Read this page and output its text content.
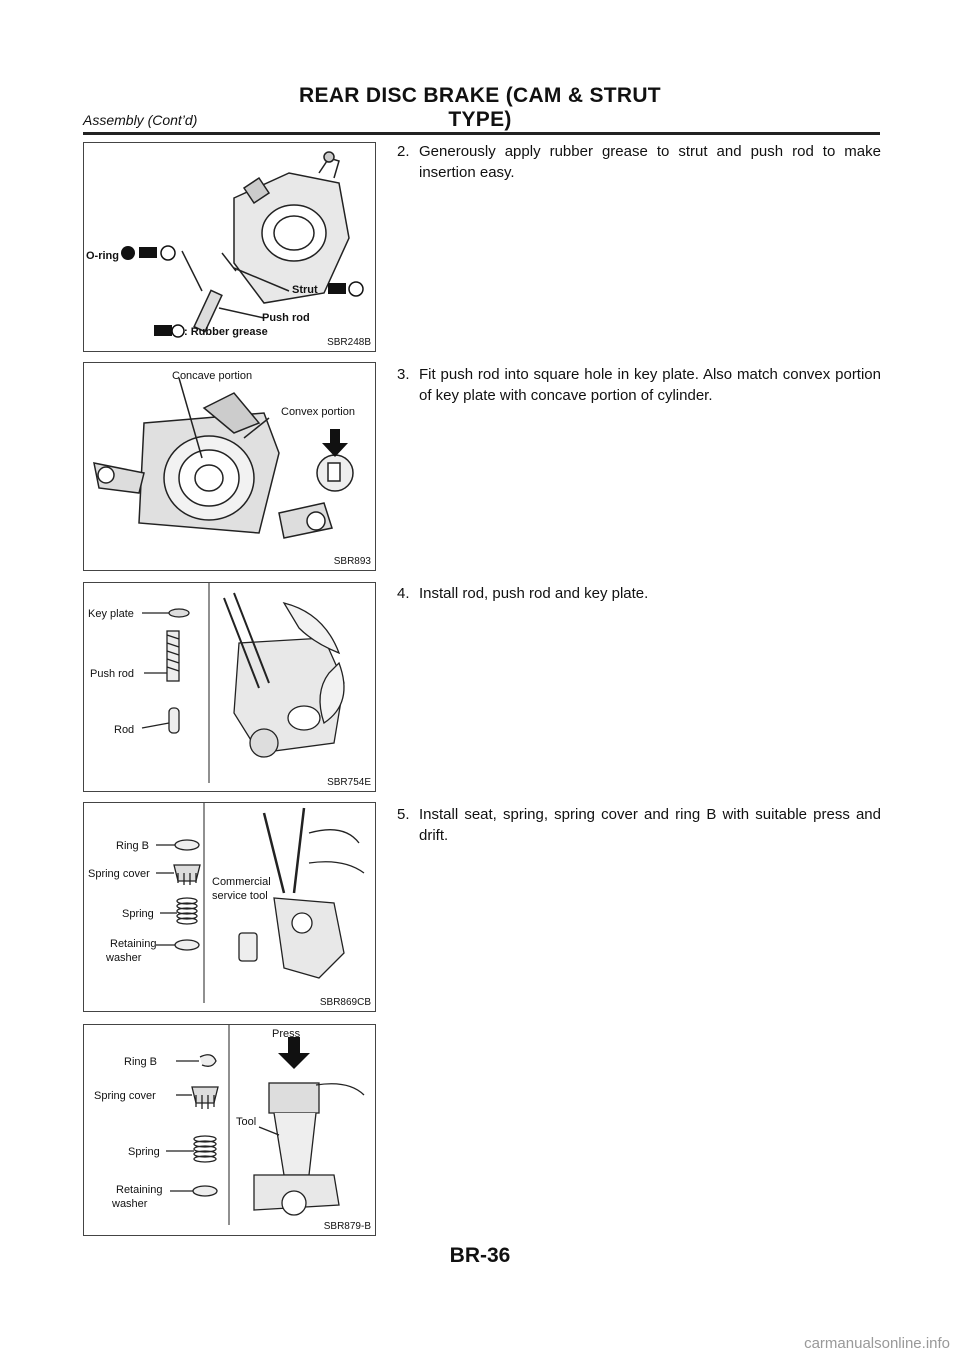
REAR DISC BRAKE (CAM & STRUT TYPE)
Assembly (Cont’d)
O-ring
Strut
Push rod
: Rubber grease
SBR248B
Concave portion
Convex portion
SBR893
Key plate
Push rod
Rod
SBR754E
Ring B
Spring cover
Spring
Retaining
washer
Commercial
service tool
SBR869CB
Press
Ring B
Spring cover
Spring
Retaining
washer
Tool
SBR879-B
2. Generously apply rubber grease to strut and push rod to make insertion easy.
3. Fit push rod into square hole in key plate. Also match convex portion of key plate with concave portion of cylinder.
4. Install rod, push rod and key plate.
5. Install seat, spring, spring cover and ring B with suitable press and drift.
BR-36
carmanualsonline.info
